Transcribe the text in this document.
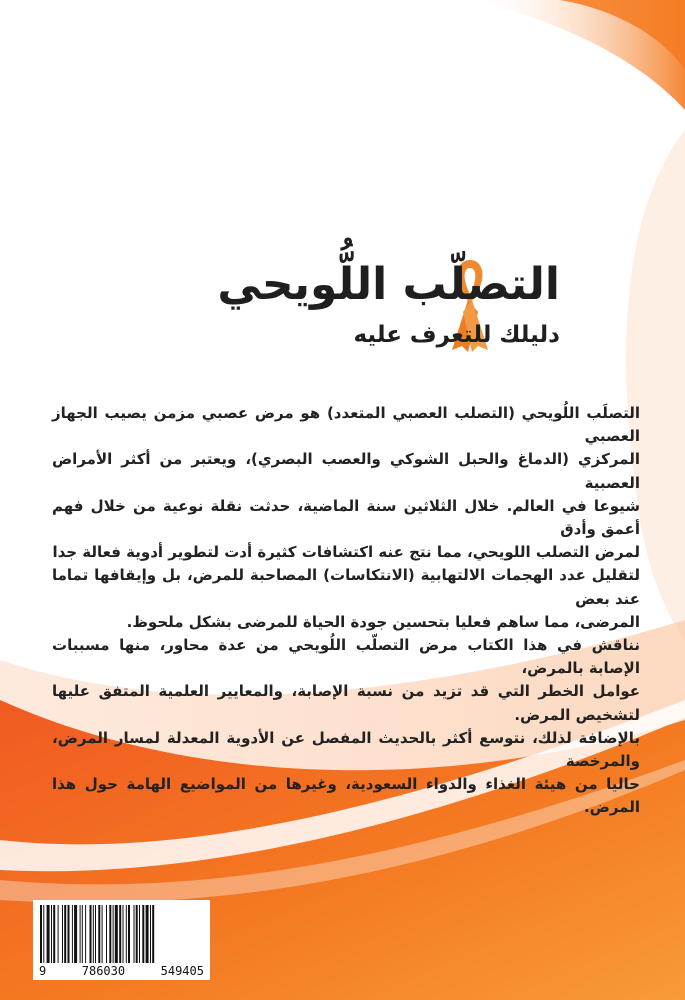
التصلّب اللُّويحي
دليلك للتعرف عليه
التصلَب اللُويحي (التصلب العصبي المتعدد) هو مرض عصبي مزمن يصيب الجهاز العصبي
المركزي (الدماغ والحبل الشوكي والعصب البصري)، ويعتبر من أكثر الأمراض العصبية
شيوعا في العالم. خلال الثلاثين سنة الماضية، حدثت نقلة نوعية من خلال فهم أعمق وأدق
لمرض التصلب اللويحي، مما نتج عنه اكتشافات كثيرة أدت لتطوير أدوية فعالة جدا
لتقليل عدد الهجمات الالتهابية (الانتكاسات) المصاحبة للمرض، بل وإيقافها تماما عند بعض
المرضى، مما ساهم فعليا بتحسين جودة الحياة للمرضى بشكل ملحوظ.
نناقش في هذا الكتاب مرض التصلّب اللُويحي من عدة محاور، منها مسببات الإصابة بالمرض،
عوامل الخطر التي قد تزيد من نسبة الإصابة، والمعايير العلمية المتفق عليها لتشخيص المرض.
بالإضافة لذلك، نتوسع أكثر بالحديث المفصل عن الأدوية المعدلة لمسار المرض، والمرخصة
حاليا من هيئة الغذاء والدواء السعودية، وغيرها من المواضيع الهامة حول هذا المرض.
9	786030	549405
